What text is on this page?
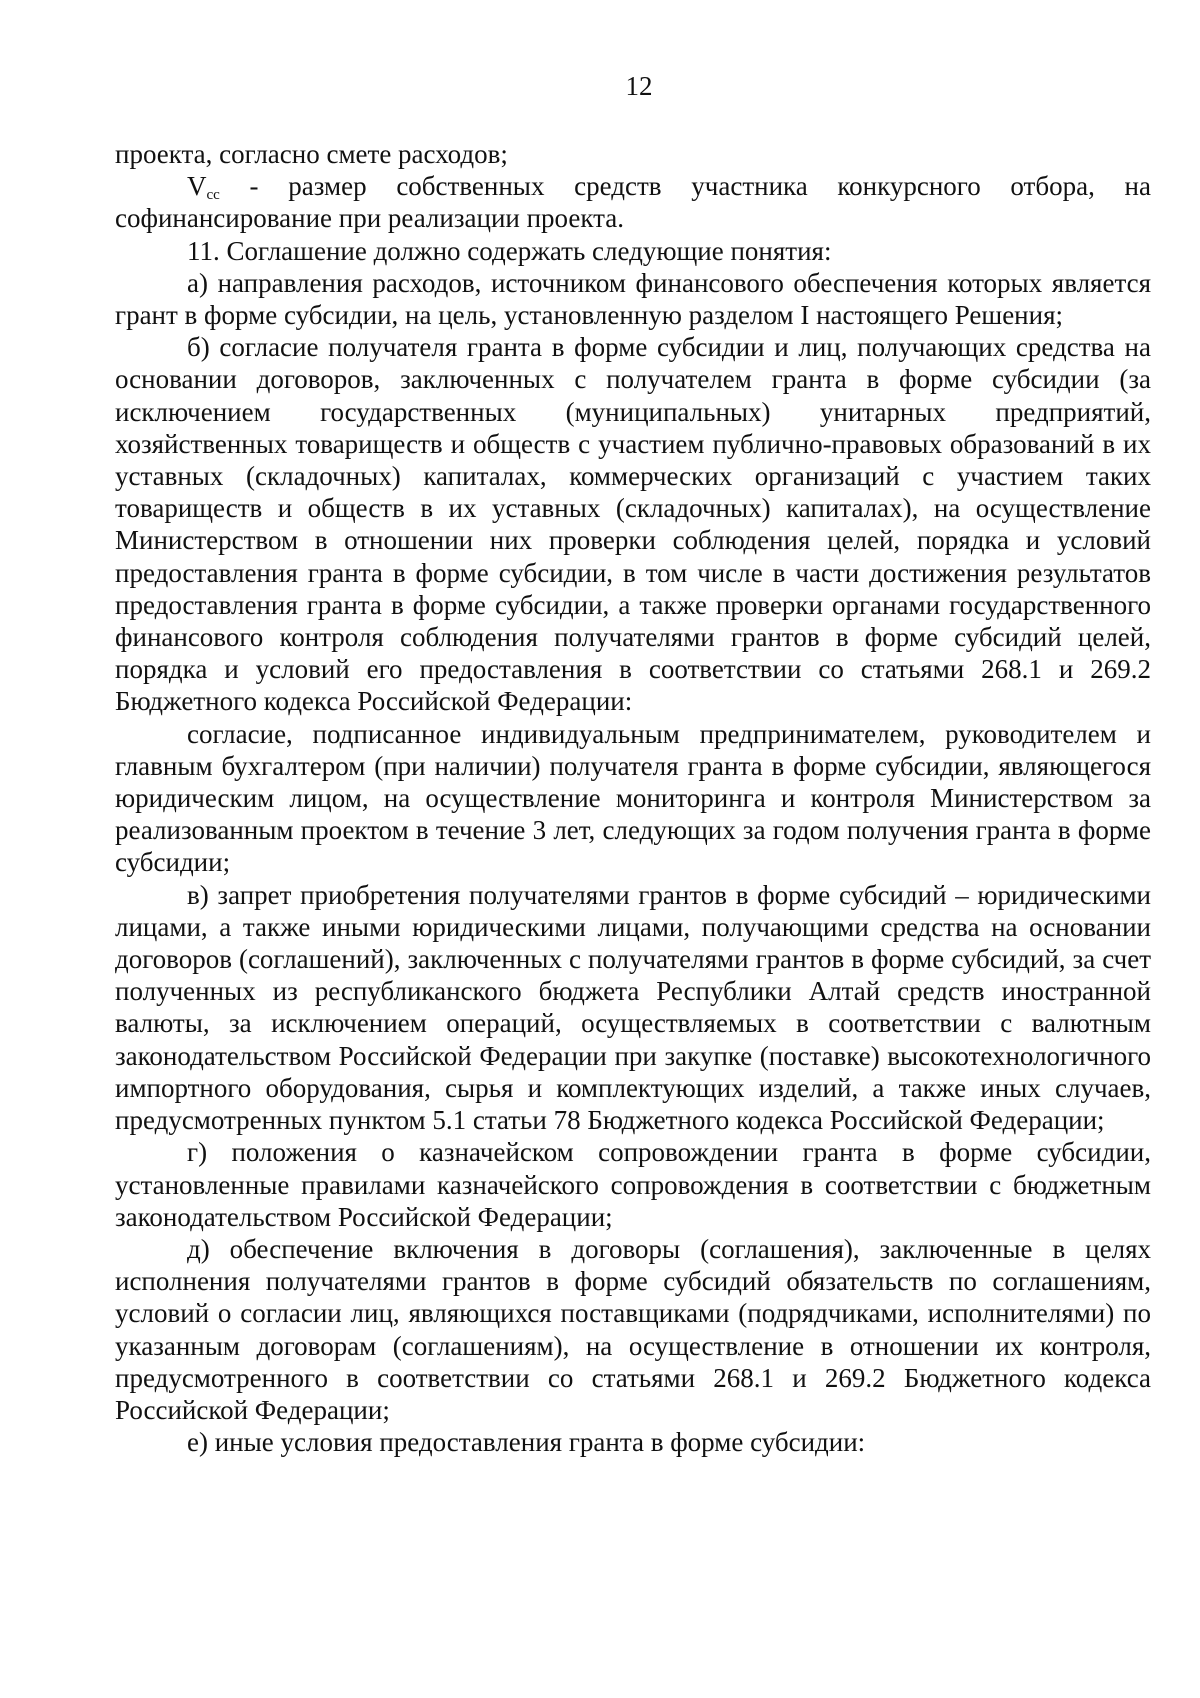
12

проекта, согласно смете расходов;

$V_{cc}$ - размер собственных средств участника конкурсного отбора, на софинансирование при реализации проекта.

11. Соглашение должно содержать следующие понятия:

а) направления расходов, источником финансового обеспечения которых является грант в форме субсидии, на цель, установленную разделом I настоящего Решения;

б) согласие получателя гранта в форме субсидии и лиц, получающих средства на основании договоров, заключенных с получателем гранта в форме субсидии (за исключением государственных (муниципальных) унитарных предприятий, хозяйственных товариществ и обществ с участием публично-правовых образований в их уставных (складочных) капиталах, коммерческих организаций с участием таких товариществ и обществ в их уставных (складочных) капиталах), на осуществление Министерством в отношении них проверки соблюдения целей, порядка и условий предоставления гранта в форме субсидии, в том числе в части достижения результатов предоставления гранта в форме субсидии, а также проверки органами государственного финансового контроля соблюдения получателями грантов в форме субсидий целей, порядка и условий его предоставления в соответствии со статьями 268.1 и 269.2 Бюджетного кодекса Российской Федерации:

согласие, подписанное индивидуальным предпринимателем, руководителем и главным бухгалтером (при наличии) получателя гранта в форме субсидии, являющегося юридическим лицом, на осуществление мониторинга и контроля Министерством за реализованным проектом в течение 3 лет, следующих за годом получения гранта в форме субсидии;

в) запрет приобретения получателями грантов в форме субсидий – юридическими лицами, а также иными юридическими лицами, получающими средства на основании договоров (соглашений), заключенных с получателями грантов в форме субсидий, за счет полученных из республиканского бюджета Республики Алтай средств иностранной валюты, за исключением операций, осуществляемых в соответствии с валютным законодательством Российской Федерации при закупке (поставке) высокотехнологичного импортного оборудования, сырья и комплектующих изделий, а также иных случаев, предусмотренных пунктом 5.1 статьи 78 Бюджетного кодекса Российской Федерации;

г) положения о казначейском сопровождении гранта в форме субсидии, установленные правилами казначейского сопровождения в соответствии с бюджетным законодательством Российской Федерации;

д) обеспечение включения в договоры (соглашения), заключенные в целях исполнения получателями грантов в форме субсидий обязательств по соглашениям, условий о согласии лиц, являющихся поставщиками (подрядчиками, исполнителями) по указанным договорам (соглашениям), на осуществление в отношении их контроля, предусмотренного в соответствии со статьями 268.1 и 269.2 Бюджетного кодекса Российской Федерации;

е) иные условия предоставления гранта в форме субсидии:
